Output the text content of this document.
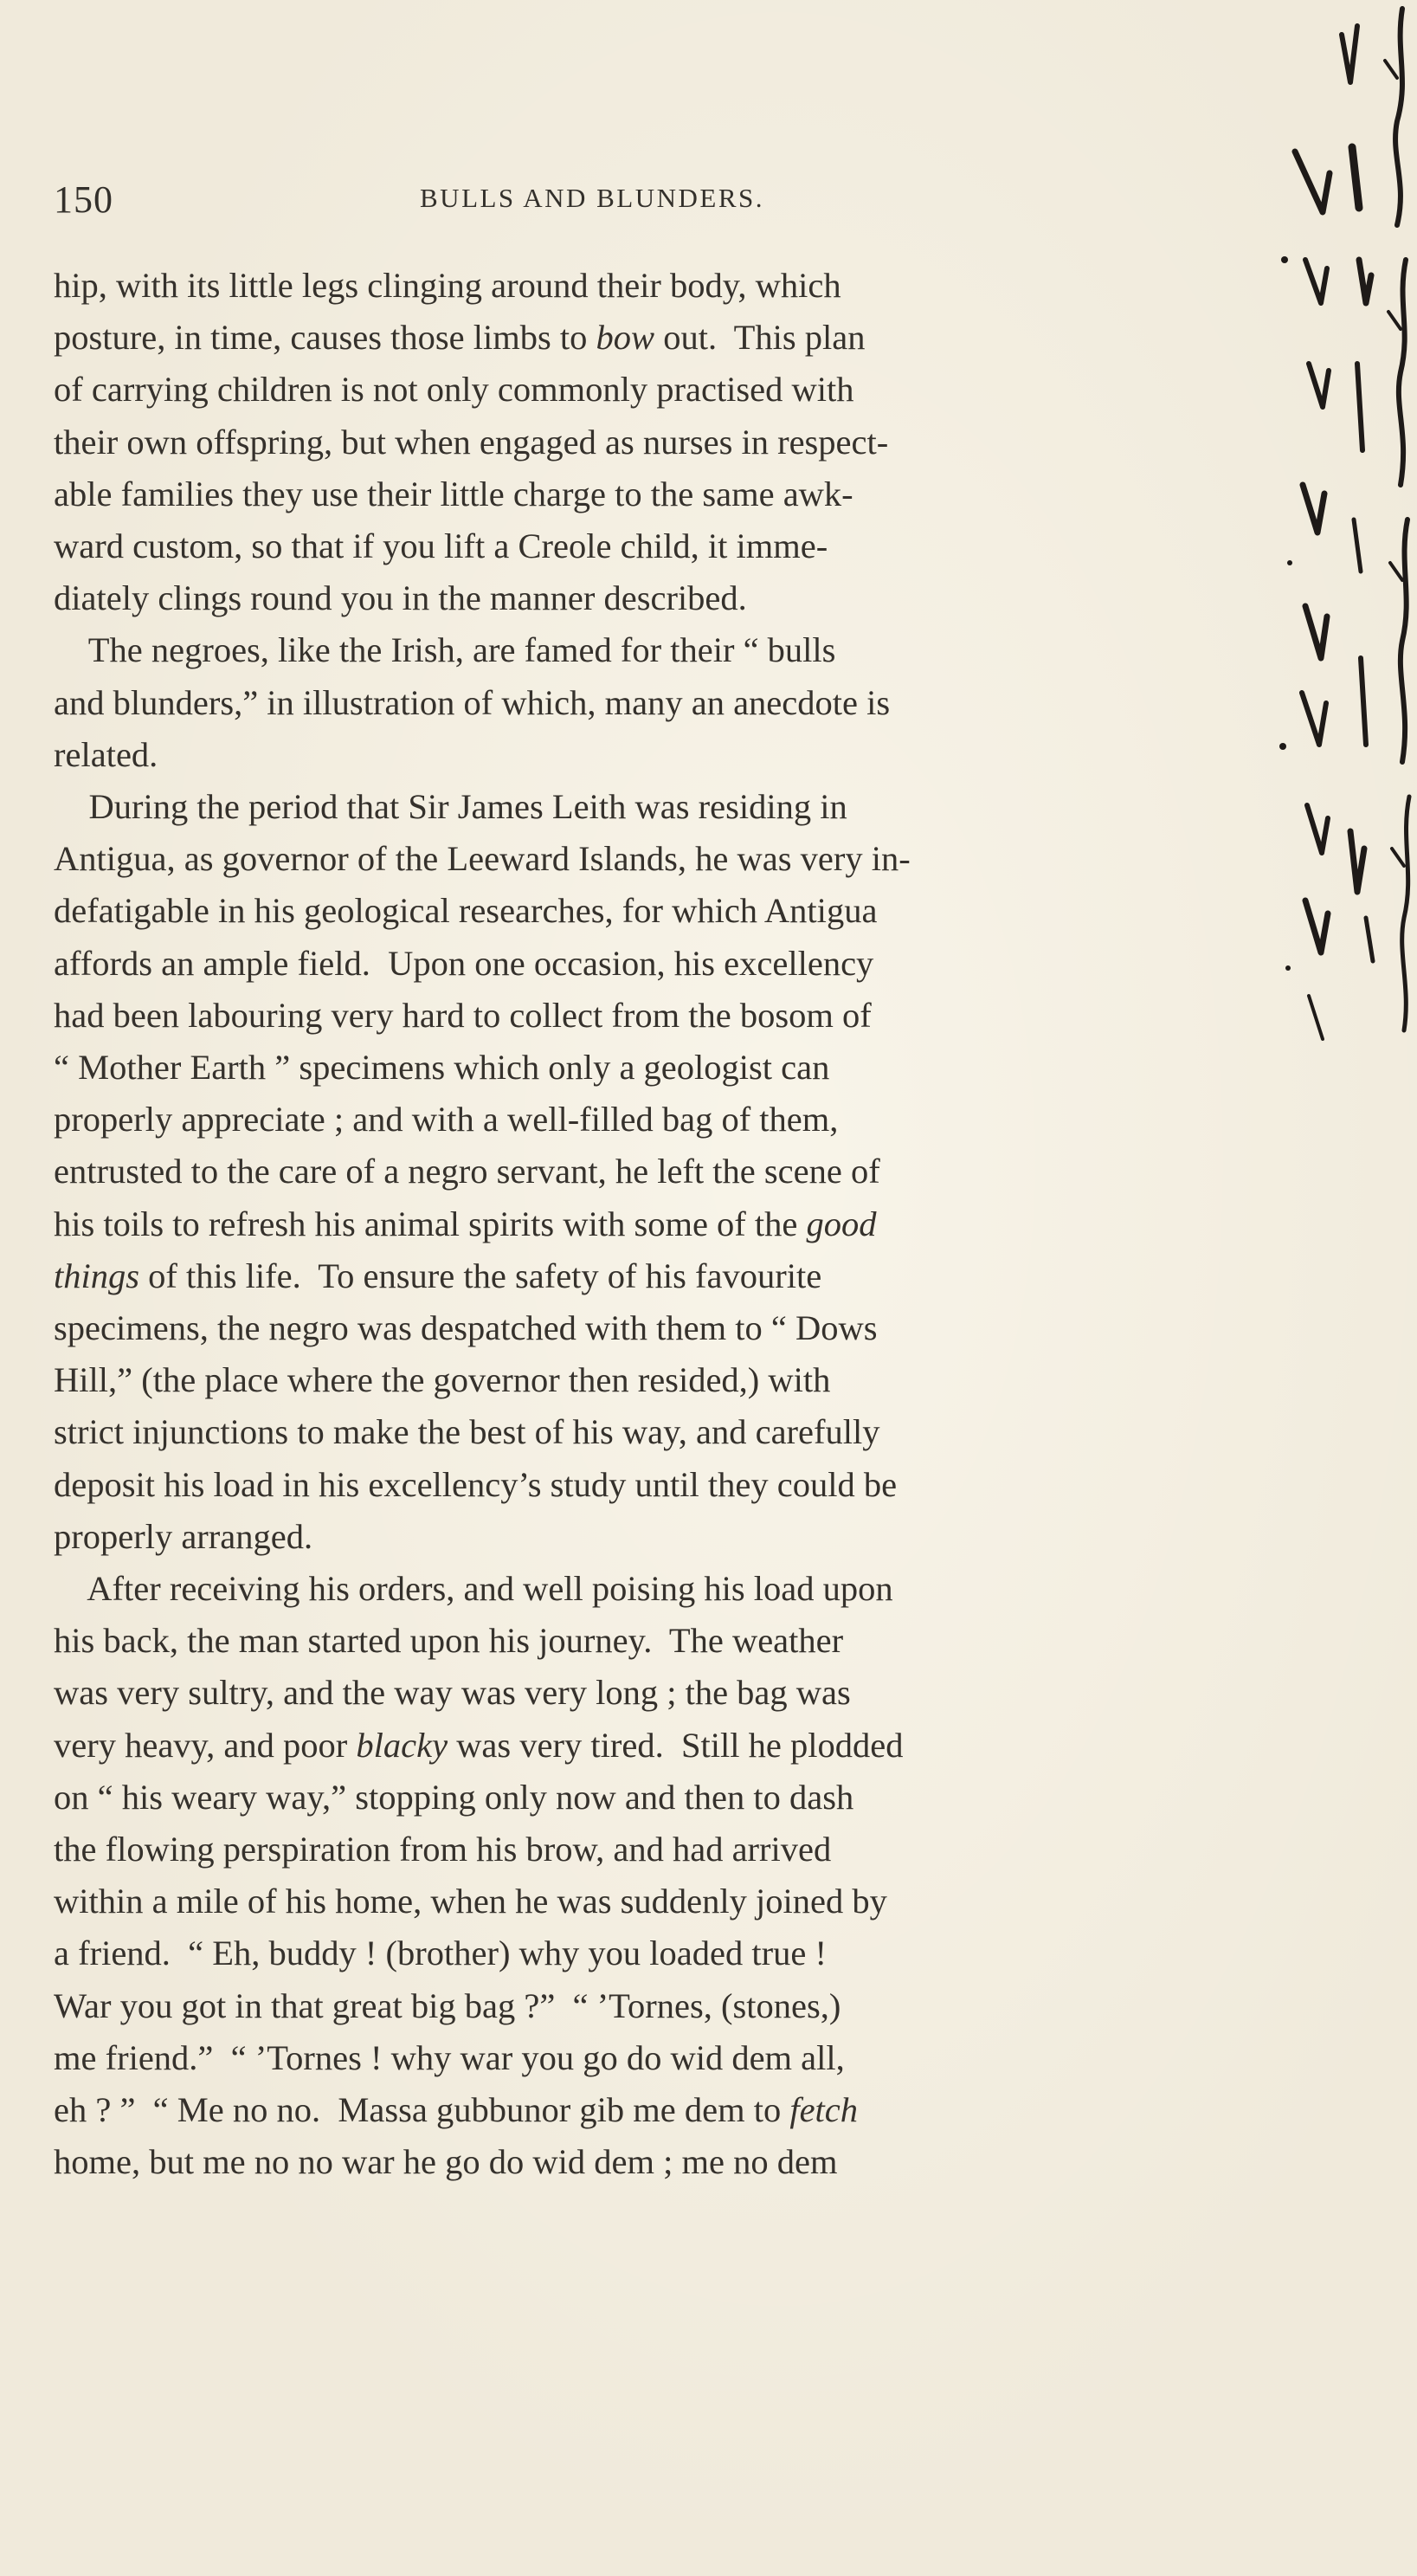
150	BULLS AND BLUNDERS.
hip, with its little legs clinging around their body, which
posture, in time, causes those limbs to bow out.  This plan
of carrying children is not only commonly practised with
their own offspring, but when engaged as nurses in respect-
able families they use their little charge to the same awk-
ward custom, so that if you lift a Creole child, it imme-
diately clings round you in the manner described.
The negroes, like the Irish, are famed for their “ bulls
and blunders,” in illustration of which, many an anecdote is
related.
During the period that Sir James Leith was residing in
Antigua, as governor of the Leeward Islands, he was very in-
defatigable in his geological researches, for which Antigua
affords an ample field.  Upon one occasion, his excellency
had been labouring very hard to collect from the bosom of
“ Mother Earth ” specimens which only a geologist can
properly appreciate ; and with a well-filled bag of them,
entrusted to the care of a negro servant, he left the scene of
his toils to refresh his animal spirits with some of the good
things of this life.  To ensure the safety of his favourite
specimens, the negro was despatched with them to “ Dows
Hill,” (the place where the governor then resided,) with
strict injunctions to make the best of his way, and carefully
deposit his load in his excellency’s study until they could be
properly arranged.
After receiving his orders, and well poising his load upon
his back, the man started upon his journey.  The weather
was very sultry, and the way was very long ; the bag was
very heavy, and poor blacky was very tired.  Still he plodded
on “ his weary way,” stopping only now and then to dash
the flowing perspiration from his brow, and had arrived
within a mile of his home, when he was suddenly joined by
a friend.  “ Eh, buddy ! (brother) why you loaded true !
War you got in that great big bag ?”  “ ’Tornes, (stones,)
me friend.”  “ ’Tornes ! why war you go do wid dem all,
eh ? ”  “ Me no no.  Massa gubbunor gib me dem to fetch
home, but me no no war he go do wid dem ; me no dem
